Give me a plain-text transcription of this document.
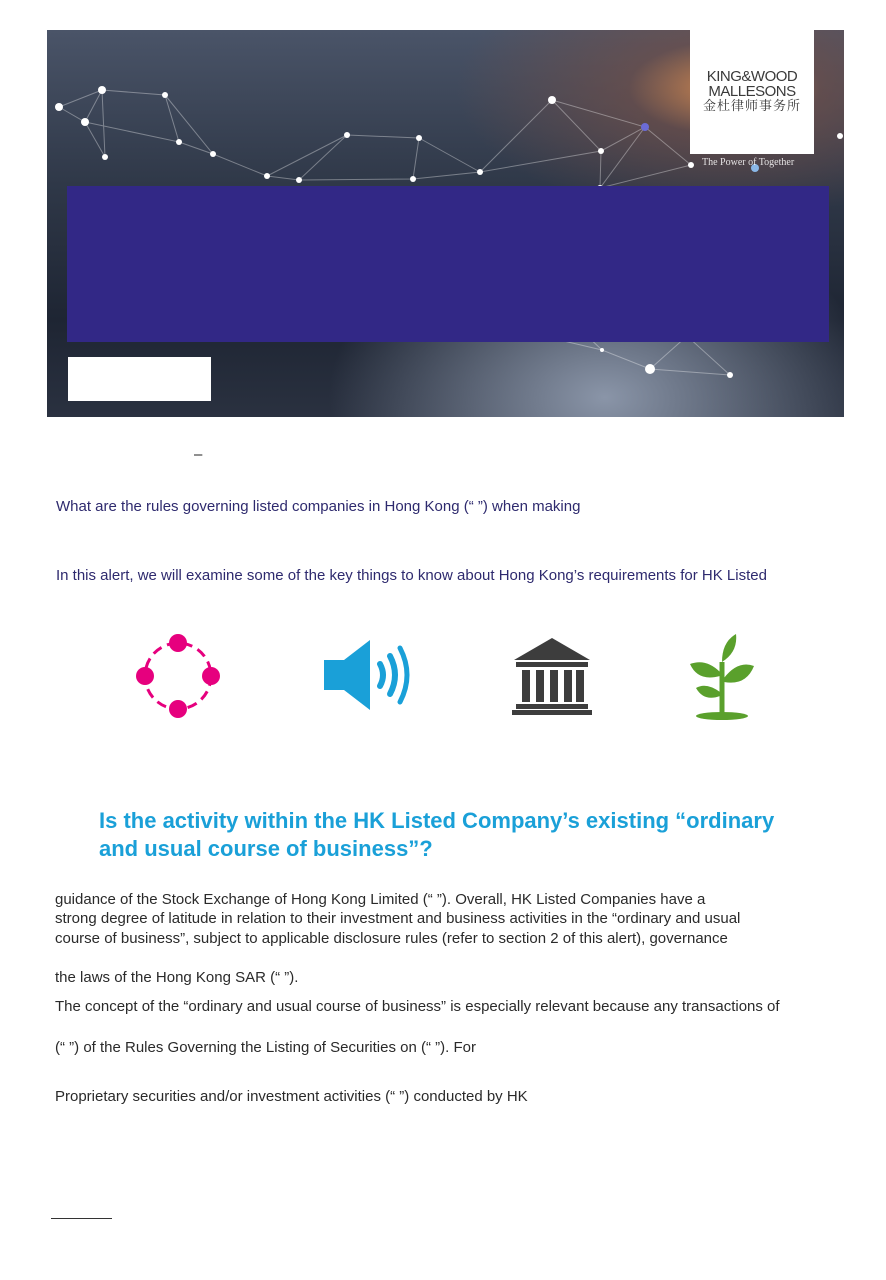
KING&WOOD
MALLESONS
金杜律师事务所
The Power of Together
–
What are the rules governing listed companies in Hong Kong (“ ”) when making
In this alert, we will examine some of the key things to know about Hong Kong’s requirements for HK Listed
Is the activity within the HK Listed Company’s existing “ordinary
and usual course of business”?
guidance of the Stock Exchange of Hong Kong Limited (“ ”). Overall, HK Listed Companies have a
strong degree of latitude in relation to their investment and business activities in the “ordinary and usual
course of business”, subject to applicable disclosure rules (refer to section 2 of this alert), governance
the laws of the Hong Kong SAR (“ ”).
The concept of the “ordinary and usual course of business” is especially relevant because any transactions of
(“ ”) of the Rules Governing the Listing of Securities on (“ ”). For
Proprietary securities and/or investment activities (“ ”) conducted by HK
